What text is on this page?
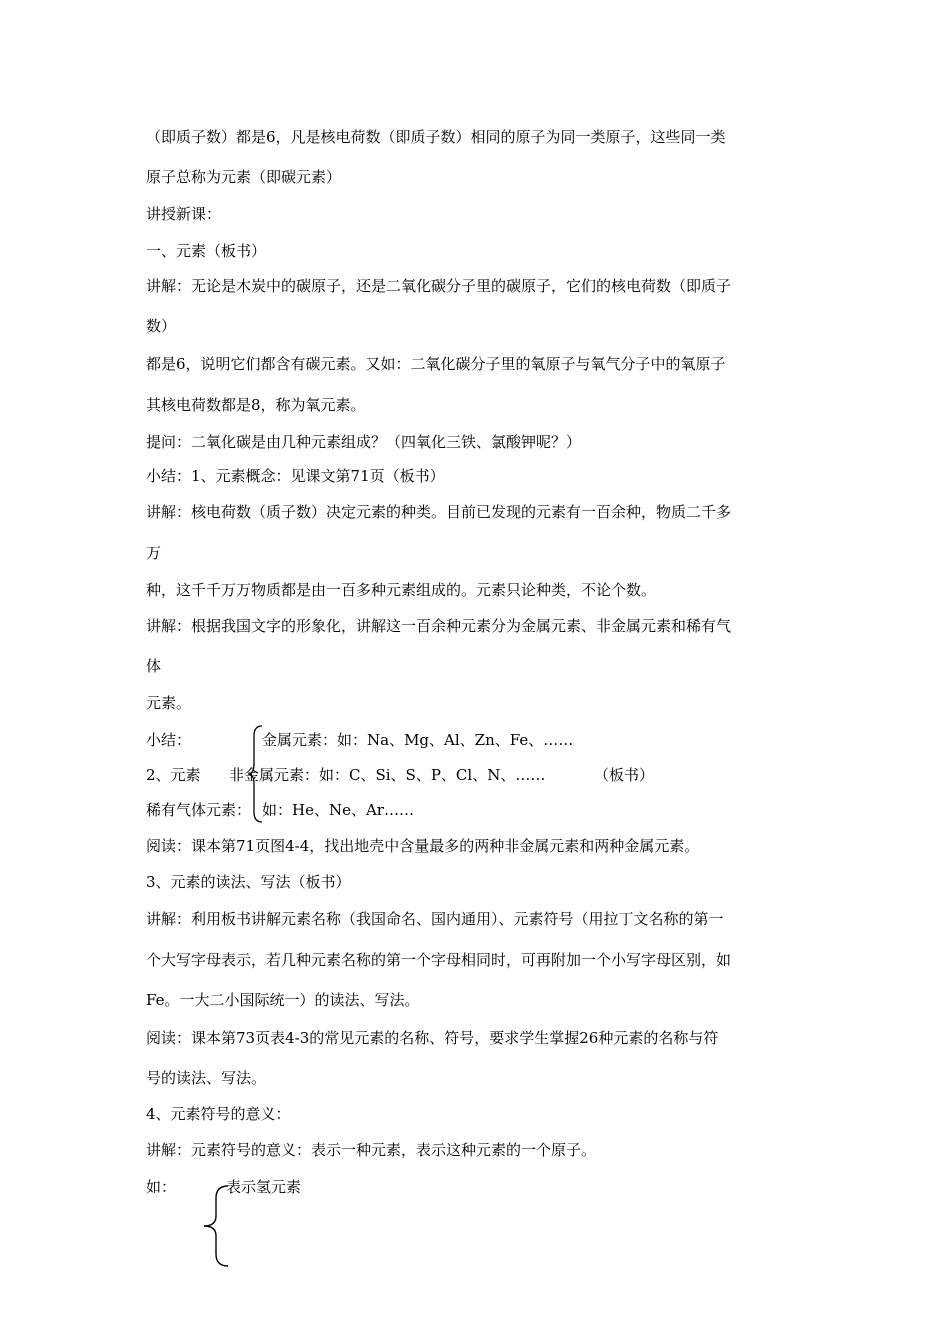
（即质子数）都是6，凡是核电荷数（即质子数）相同的原子为同一类原子，这些同一类
原子总称为元素（即碳元素）
讲授新课：
一、元素（板书）
讲解：无论是木炭中的碳原子，还是二氧化碳分子里的碳原子，它们的核电荷数（即质子
数）
都是6，说明它们都含有碳元素。又如：二氧化碳分子里的氧原子与氧气分子中的氧原子
其核电荷数都是8，称为氧元素。
提问：二氧化碳是由几种元素组成？（四氧化三铁、氯酸钾呢？）
小结：1、元素概念：见课文第71页（板书）
讲解：核电荷数（质子数）决定元素的种类。目前已发现的元素有一百余种，物质二千多
万
种，这千千万万物质都是由一百多种元素组成的。元素只论种类，不论个数。
讲解：根据我国文字的形象化，讲解这一百余种元素分为金属元素、非金属元素和稀有气
体
元素。
小结：	金属元素：如：Na、Mg、Al、Zn、Fe、……
2、元素 非金属元素：如：C、Si、S、P、Cl、N、……	（板书）
稀有气体元素： 如：He、Ne、Ar……
阅读：课本第71页图4-4，找出地壳中含量最多的两种非金属元素和两种金属元素。
3、元素的读法、写法（板书）
讲解：利用板书讲解元素名称（我国命名、国内通用）、元素符号（用拉丁文名称的第一
个大写字母表示，若几种元素名称的第一个字母相同时，可再附加一个小写字母区别，如
Fe。一大二小国际统一）的读法、写法。
阅读：课本第73页表4-3的常见元素的名称、符号，要求学生掌握26种元素的名称与符
号的读法、写法。
4、元素符号的意义：
讲解：元素符号的意义：表示一种元素，表示这种元素的一个原子。
如：	表示氢元素
